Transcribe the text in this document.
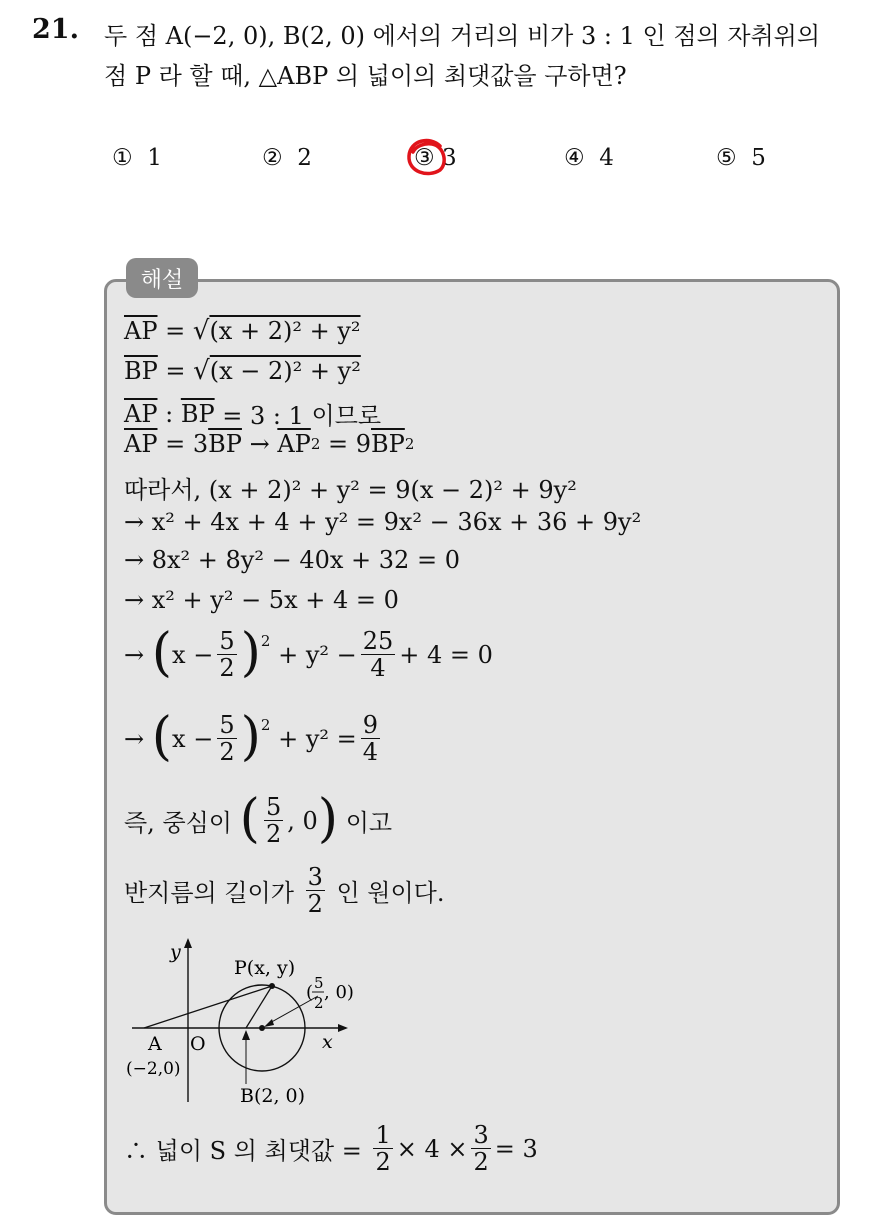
21. 두 점 A(−2, 0), B(2, 0) 에서의 거리의 비가 3 : 1 인 점의 자취위의
점 P 라 할 때, △ABP 의 넓이의 최댓값을 구하면?
① 1	② 2	③ 3	④ 4	⑤ 5
해설
$\overline{AP}$ = √ (x + 2)² + y²
$\overline{BP}$ = √ (x − 2)² + y²
$\overline{AP}$ : $\overline{BP}$
= 3 : 1 이므로
$\overline{AP}$
= 3 $\overline{BP}$
→
$\overline{AP}$ 2
= 9 $\overline{BP}$ 2
따라서, (x + 2)² + y² = 9(x − 2)² + 9y²
→ x² + 4x + 4 + y² = 9x² − 36x + 36 + 9y²
→ 8x² + 8y² − 40x + 32 = 0
→ x² + y² − 5x + 4 = 0
→
( $x - \frac{5}{2} )^2$
+ $y^2 - \frac{25}{4} + 4 = 0$
→
( $x - \frac{5}{2} )^2$
+ $y^2 = \frac{9}{4}$
즉, 중심이
( $\frac{5}{2}$ , 0 )
이고
반지름의 길이가
$\frac{3}{2}$
인 원이다.
y
x
O
A
(−2,0)
P(x, y)
B(2, 0)
( 5
2 , 0)
∴ 넓이 S 의 최댓값 =
$\frac{1}{2} \times 4 \times \frac{3}{2} = 3$
